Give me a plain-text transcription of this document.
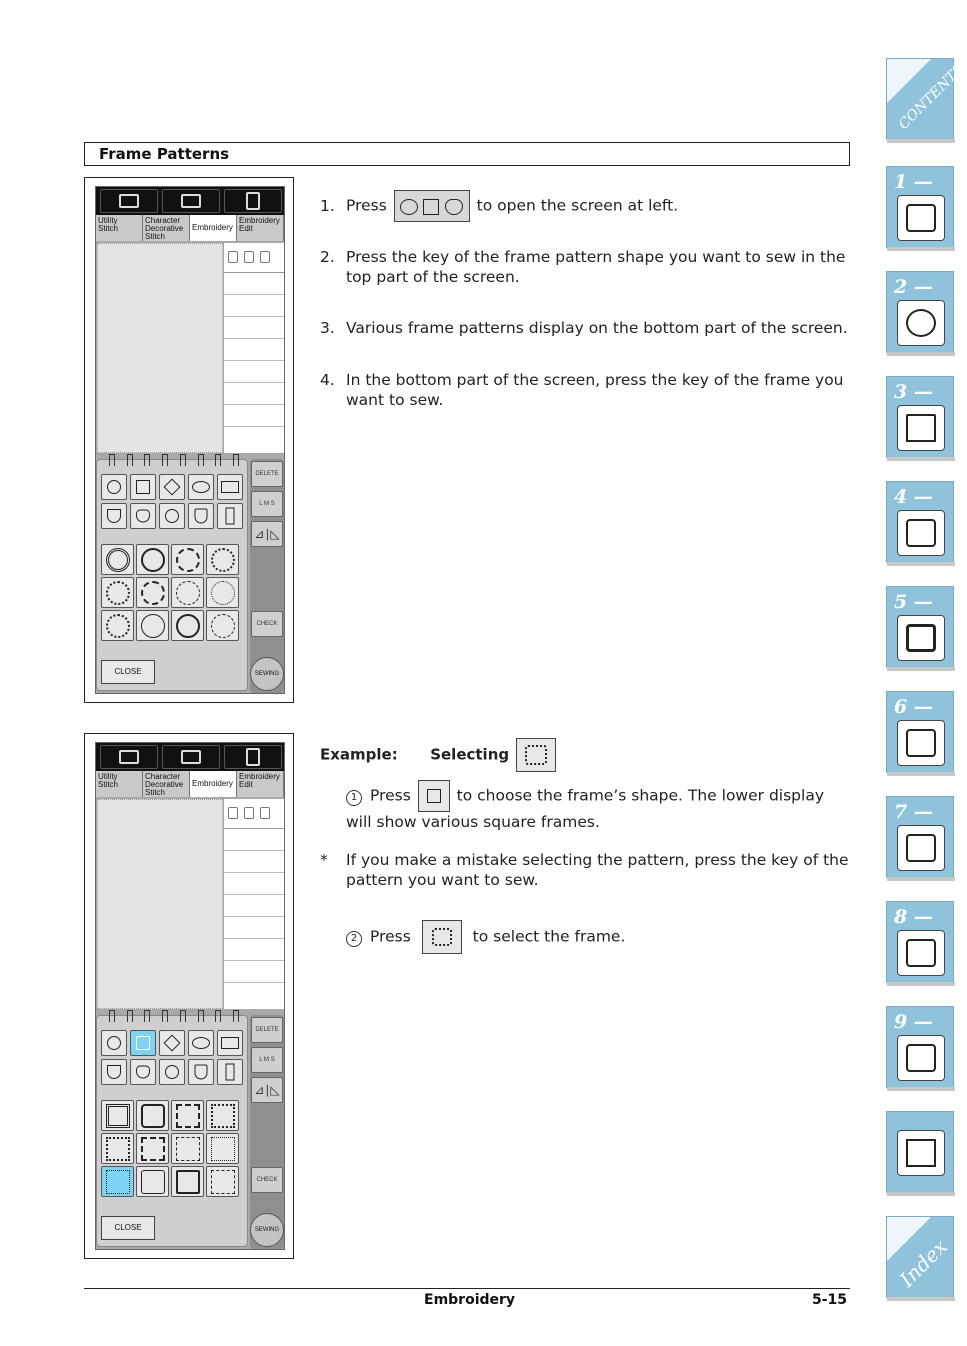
Frame Patterns
Utility
Stitch
Character
Decorative
Stitch
Embroidery
Embroidery
Edit
CLOSE
DELETE
L M S
⊿∣◺
CHECK
SEWING
1. Press	to open the screen at left.
2. Press the key of the frame pattern shape you want to sew in the top part of the screen.
3. Various frame patterns display on the bottom part of the screen.
4. In the bottom part of the screen, press the key of the frame you want to sew.
Utility
Stitch
Character
Decorative
Stitch
Embroidery
Embroidery
Edit
CLOSE
DELETE
L M S
⊿∣◺
CHECK
SEWING
Example: Selecting
1 Press	to choose the frame’s shape. The lower display will show various square frames.
*	If you make a mistake selecting the pattern, press the key of the pattern you want to sew.
2 Press	to select the frame.
Embroidery	5-15
CONTENTS
1 —
2 —
3 —
4 —
5 —
6 —
7 —
8 —
9 —
Index
